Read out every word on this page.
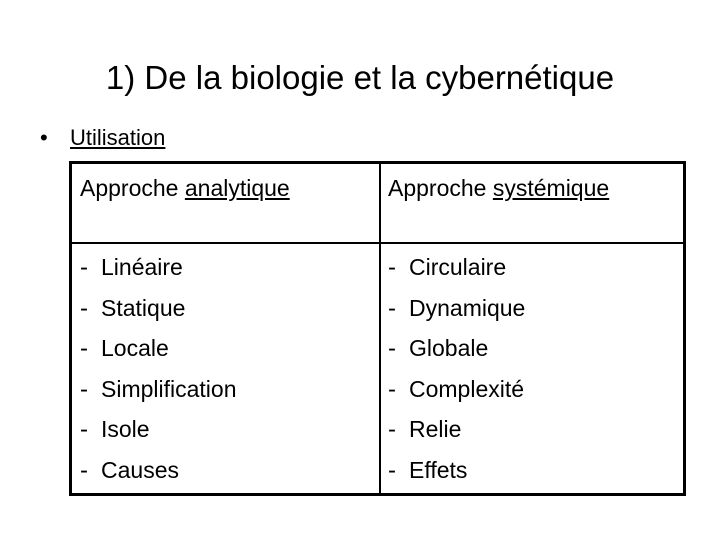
1) De la biologie et la cybernétique
• Utilisation
Approche analytique	Approche systémique
- Linéaire
- Statique
- Locale
- Simplification
- Isole
- Causes
- Circulaire
- Dynamique
- Globale
- Complexité
- Relie
- Effets
